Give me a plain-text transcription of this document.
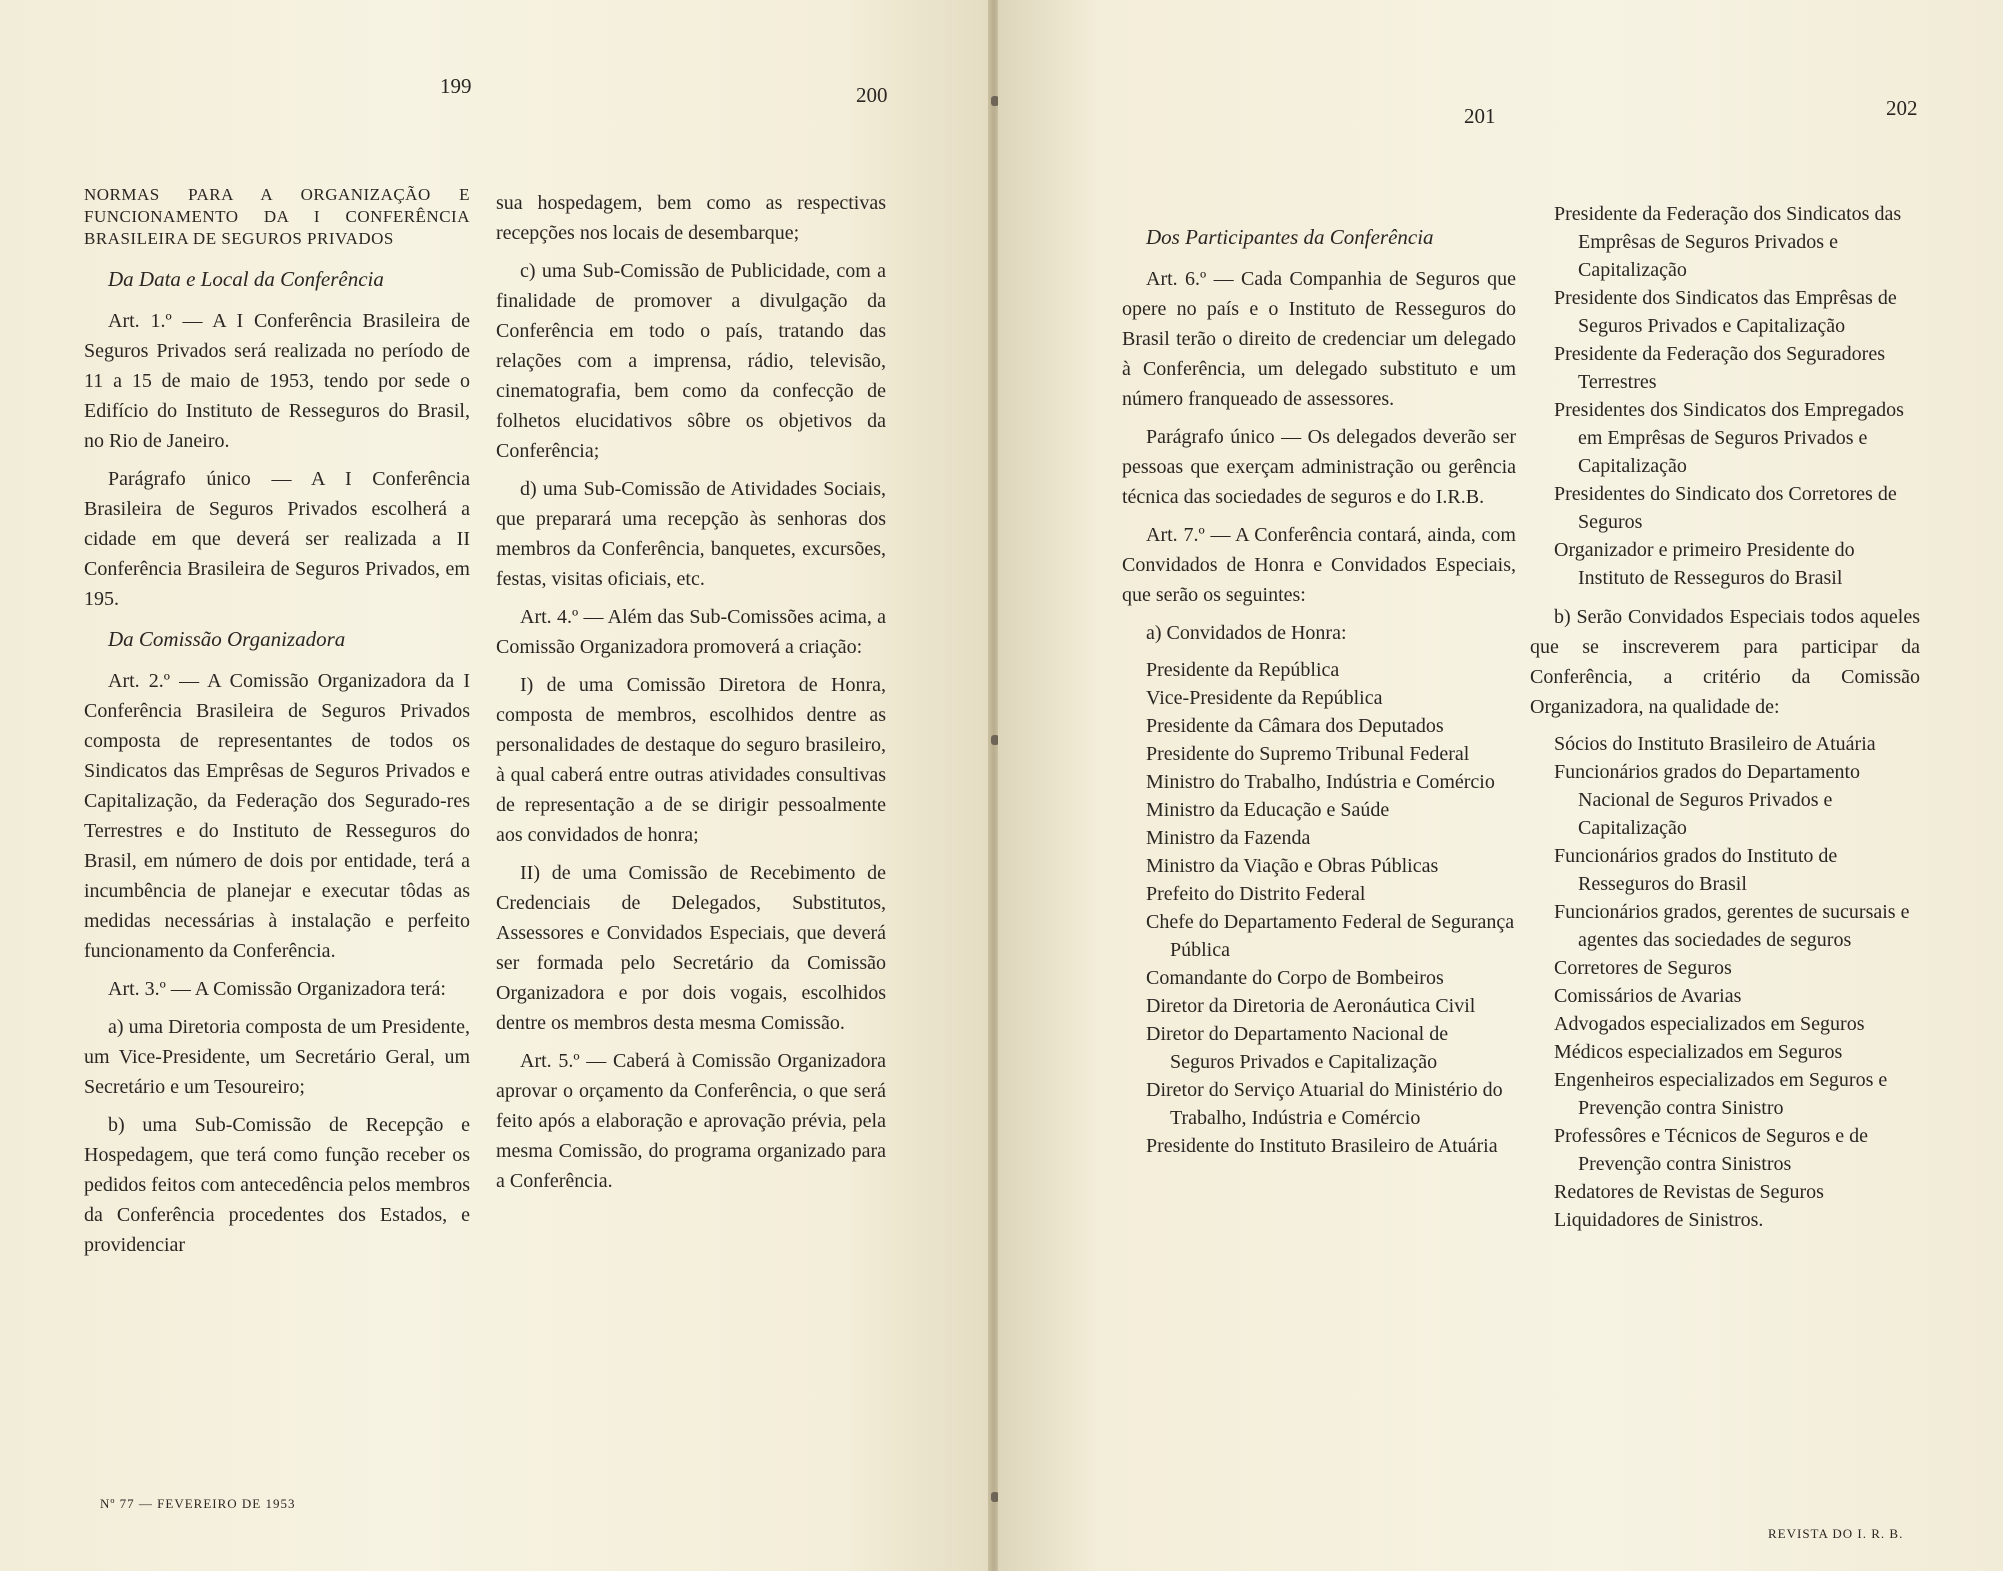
199	200

NORMAS PARA A ORGANIZAÇÃO E FUNCIONAMENTO DA I CONFERÊNCIA BRASILEIRA DE SEGUROS PRIVADOS

Da Data e Local da Conferência

Art. 1.º — A I Conferência Brasileira de Seguros Privados será realizada no período de 11 a 15 de maio de 1953, tendo por sede o Edifício do Instituto de Resseguros do Brasil, no Rio de Janeiro.

Parágrafo único — A I Conferência Brasileira de Seguros Privados escolherá a cidade em que deverá ser realizada a II Conferência Brasileira de Seguros Privados, em 195.

Da Comissão Organizadora

Art. 2.º — A Comissão Organizadora da I Conferência Brasileira de Seguros Privados composta de representantes de todos os Sindicatos das Emprêsas de Seguros Privados e Capitalização, da Federação dos Segurado-res Terrestres e do Instituto de Resseguros do Brasil, em número de dois por entidade, terá a incumbência de planejar e executar tôdas as medidas necessárias à instalação e perfeito funcionamento da Conferência.

Art. 3.º — A Comissão Organizadora terá:

a) uma Diretoria composta de um Presidente, um Vice-Presidente, um Secretário Geral, um Secretário e um Tesoureiro;

b) uma Sub-Comissão de Recepção e Hospedagem, que terá como função receber os pedidos feitos com antecedência pelos membros da Conferência procedentes dos Estados, e providenciar

sua hospedagem, bem como as respectivas recepções nos locais de desembarque;

c) uma Sub-Comissão de Publicidade, com a finalidade de promover a divulgação da Conferência em todo o país, tratando das relações com a imprensa, rádio, televisão, cinematografia, bem como da confecção de folhetos elucidativos sôbre os objetivos da Conferência;

d) uma Sub-Comissão de Atividades Sociais, que preparará uma recepção às senhoras dos membros da Conferência, banquetes, excursões, festas, visitas oficiais, etc.

Art. 4.º — Além das Sub-Comissões acima, a Comissão Organizadora promoverá a criação:

I) de uma Comissão Diretora de Honra, composta de membros, escolhidos dentre as personalidades de destaque do seguro brasileiro, à qual caberá entre outras atividades consultivas de representação a de se dirigir pessoalmente aos convidados de honra;

II) de uma Comissão de Recebimento de Credenciais de Delegados, Substitutos, Assessores e Convidados Especiais, que deverá ser formada pelo Secretário da Comissão Organizadora e por dois vogais, escolhidos dentre os membros desta mesma Comissão.

Art. 5.º — Caberá à Comissão Organizadora aprovar o orçamento da Conferência, o que será feito após a elaboração e aprovação prévia, pela mesma Comissão, do programa organizado para a Conferência.

Nº 77 — FEVEREIRO DE 1953
201	202

Dos Participantes da Conferência

Art. 6.º — Cada Companhia de Seguros que opere no país e o Instituto de Resseguros do Brasil terão o direito de credenciar um delegado à Conferência, um delegado substituto e um número franqueado de assessores.

Parágrafo único — Os delegados deverão ser pessoas que exerçam administração ou gerência técnica das sociedades de seguros e do I.R.B.

Art. 7.º — A Conferência contará, ainda, com Convidados de Honra e Convidados Especiais, que serão os seguintes:

a) Convidados de Honra:

Presidente da República
Vice-Presidente da República
Presidente da Câmara dos Deputados
Presidente do Supremo Tribunal Federal
Ministro do Trabalho, Indústria e Comércio
Ministro da Educação e Saúde
Ministro da Fazenda
Ministro da Viação e Obras Públicas
Prefeito do Distrito Federal
Chefe do Departamento Federal de Segurança Pública
Comandante do Corpo de Bombeiros
Diretor da Diretoria de Aeronáutica Civil
Diretor do Departamento Nacional de Seguros Privados e Capitalização
Diretor do Serviço Atuarial do Ministério do Trabalho, Indústria e Comércio
Presidente do Instituto Brasileiro de Atuária
Presidente da Federação dos Sindicatos das Emprêsas de Seguros Privados e Capitalização
Presidente dos Sindicatos das Emprêsas de Seguros Privados e Capitalização
Presidente da Federação dos Seguradores Terrestres
Presidentes dos Sindicatos dos Empregados em Emprêsas de Seguros Privados e Capitalização
Presidentes do Sindicato dos Corretores de Seguros
Organizador e primeiro Presidente do Instituto de Resseguros do Brasil

b) Serão Convidados Especiais todos aqueles que se inscreverem para participar da Conferência, a critério da Comissão Organizadora, na qualidade de:

Sócios do Instituto Brasileiro de Atuária
Funcionários grados do Departamento Nacional de Seguros Privados e Capitalização
Funcionários grados do Instituto de Resseguros do Brasil
Funcionários grados, gerentes de sucursais e agentes das sociedades de seguros
Corretores de Seguros
Comissários de Avarias
Advogados especializados em Seguros
Médicos especializados em Seguros
Engenheiros especializados em Seguros e Prevenção contra Sinistro
Professôres e Técnicos de Seguros e de Prevenção contra Sinistros
Redatores de Revistas de Seguros
Liquidadores de Sinistros.
REVISTA DO I. R. B.
